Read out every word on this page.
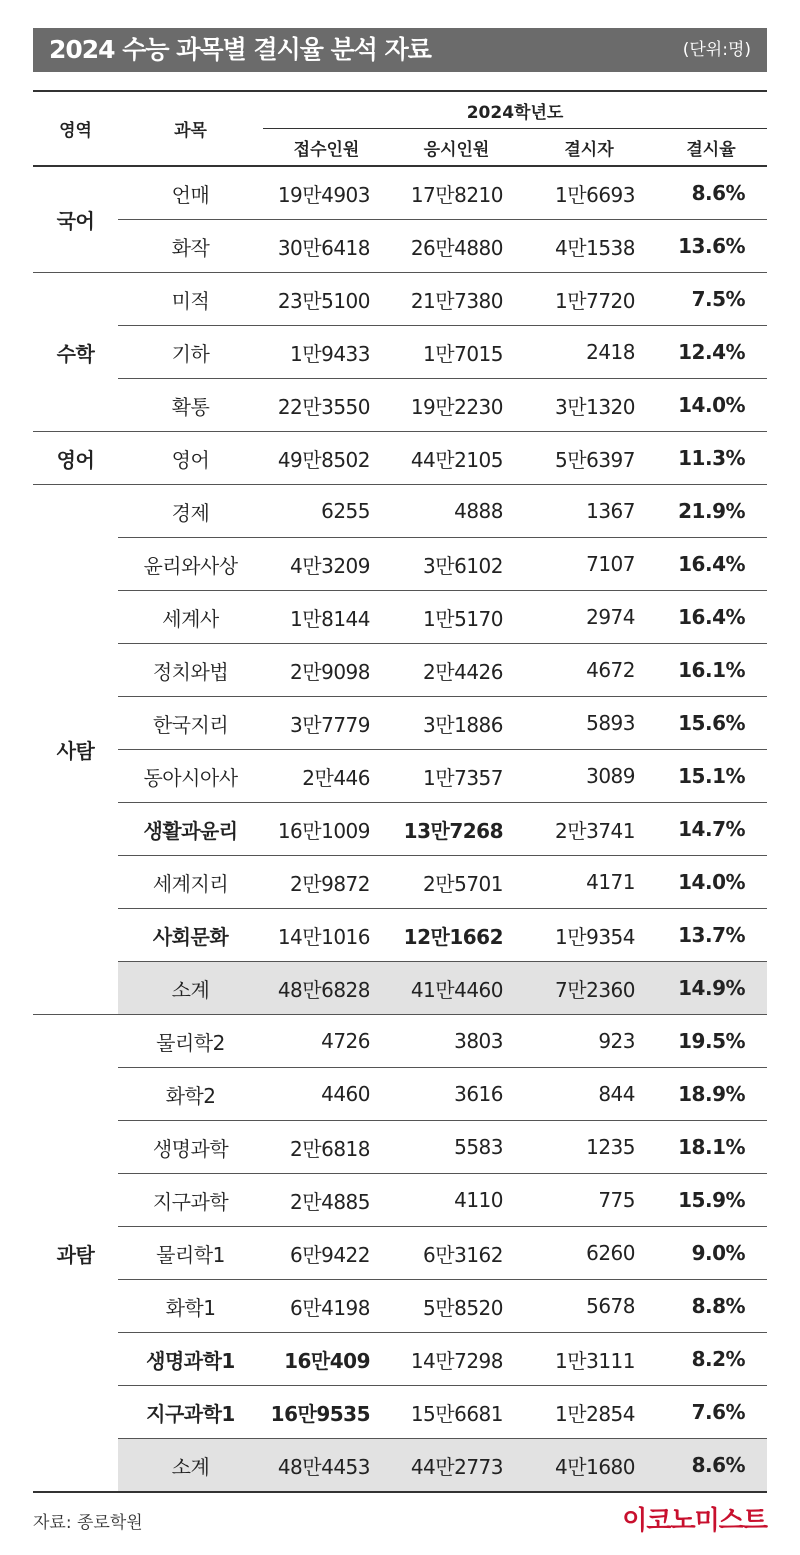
2024 수능 과목별 결시율 분석 자료	(단위:명)
영역	과목	2024학년도			
		접수인원	응시인원	결시자	결시율
국어	언매	19만4903	17만8210	1만6693	8.6%
	화작	30만6418	26만4880	4만1538	13.6%
수학	미적	23만5100	21만7380	1만7720	7.5%
	기하	1만9433	1만7015	2418	12.4%
	확통	22만3550	19만2230	3만1320	14.0%
영어	영어	49만8502	44만2105	5만6397	11.3%
사탐	경제	6255	4888	1367	21.9%
	윤리와사상	4만3209	3만6102	7107	16.4%
	세계사	1만8144	1만5170	2974	16.4%
	정치와법	2만9098	2만4426	4672	16.1%
	한국지리	3만7779	3만1886	5893	15.6%
	동아시아사	2만446	1만7357	3089	15.1%
	생활과윤리	16만1009	13만7268	2만3741	14.7%
	세계지리	2만9872	2만5701	4171	14.0%
	사회문화	14만1016	12만1662	1만9354	13.7%
	소계	48만6828	41만4460	7만2360	14.9%
과탐	물리학2	4726	3803	923	19.5%
	화학2	4460	3616	844	18.9%
	생명과학	2만6818	5583	1235	18.1%
	지구과학	2만4885	4110	775	15.9%
	물리학1	6만9422	6만3162	6260	9.0%
	화학1	6만4198	5만8520	5678	8.8%
	생명과학1	16만409	14만7298	1만3111	8.2%
	지구과학1	16만9535	15만6681	1만2854	7.6%
	소계	48만4453	44만2773	4만1680	8.6%
자료: 종로학원	이코노미스트
